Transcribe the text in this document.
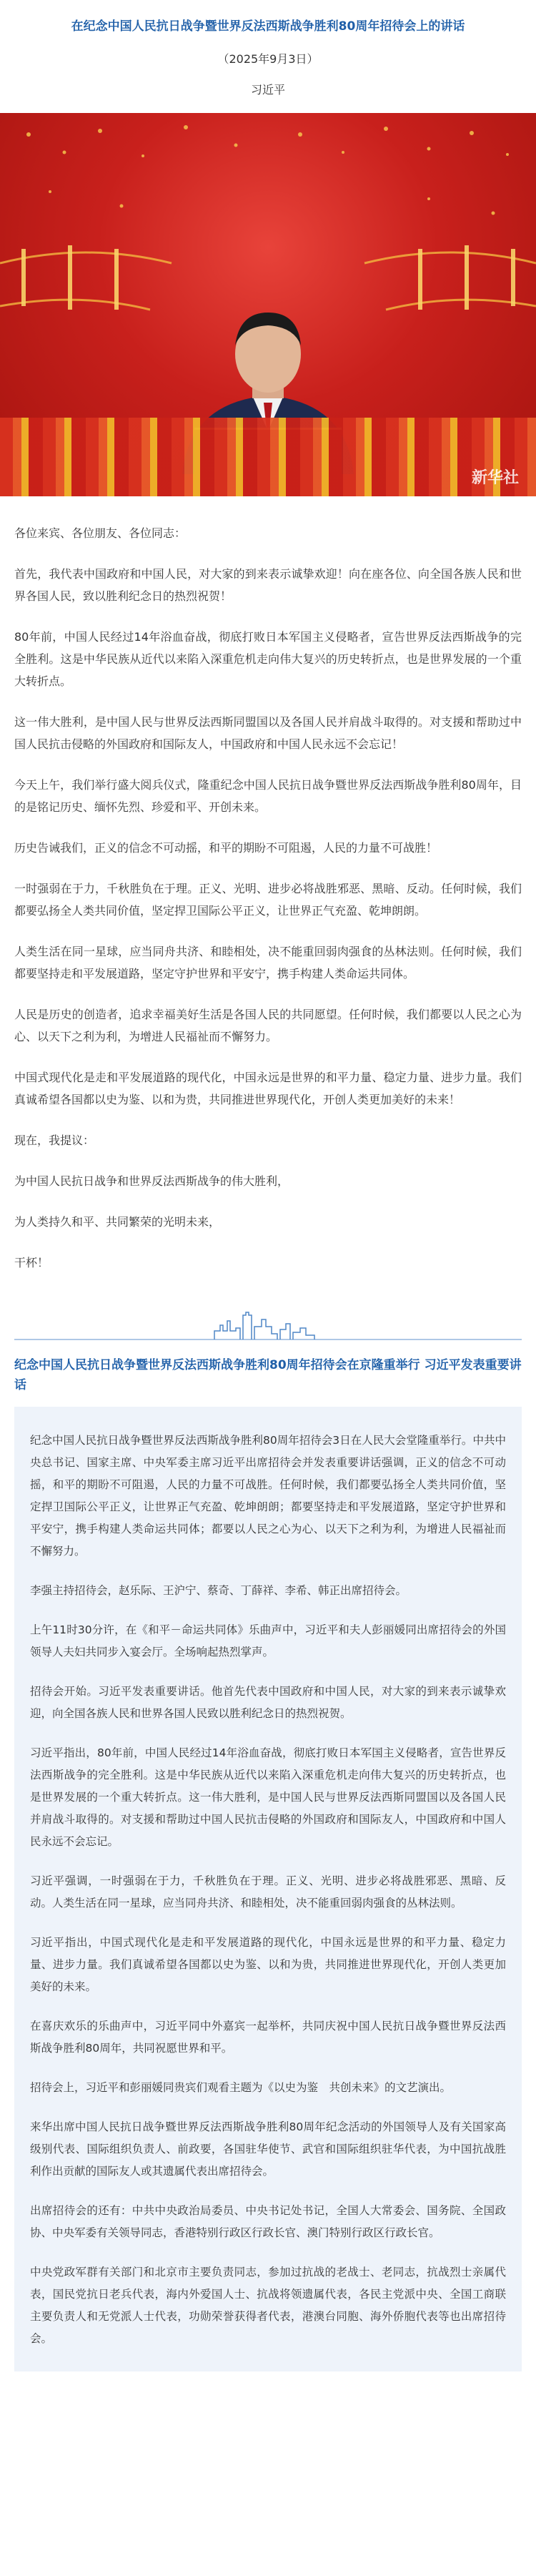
在纪念中国人民抗日战争暨世界反法西斯战争胜利80周年招待会上的讲话
（2025年9月3日）
习近平
新华社

各位来宾、各位朋友、各位同志：

首先，我代表中国政府和中国人民，对大家的到来表示诚挚欢迎！向在座各位、向全国各族人民和世界各国人民，致以胜利纪念日的热烈祝贺！

80年前，中国人民经过14年浴血奋战，彻底打败日本军国主义侵略者，宣告世界反法西斯战争的完全胜利。这是中华民族从近代以来陷入深重危机走向伟大复兴的历史转折点，也是世界发展的一个重大转折点。

这一伟大胜利，是中国人民与世界反法西斯同盟国以及各国人民并肩战斗取得的。对支援和帮助过中国人民抗击侵略的外国政府和国际友人，中国政府和中国人民永远不会忘记！

今天上午，我们举行盛大阅兵仪式，隆重纪念中国人民抗日战争暨世界反法西斯战争胜利80周年，目的是铭记历史、缅怀先烈、珍爱和平、开创未来。

历史告诫我们，正义的信念不可动摇，和平的期盼不可阻遏，人民的力量不可战胜！

一时强弱在于力，千秋胜负在于理。正义、光明、进步必将战胜邪恶、黑暗、反动。任何时候，我们都要弘扬全人类共同价值，坚定捍卫国际公平正义，让世界正气充盈、乾坤朗朗。

人类生活在同一星球，应当同舟共济、和睦相处，决不能重回弱肉强食的丛林法则。任何时候，我们都要坚持走和平发展道路，坚定守护世界和平安宁，携手构建人类命运共同体。

人民是历史的创造者，追求幸福美好生活是各国人民的共同愿望。任何时候，我们都要以人民之心为心、以天下之利为利，为增进人民福祉而不懈努力。

中国式现代化是走和平发展道路的现代化，中国永远是世界的和平力量、稳定力量、进步力量。我们真诚希望各国都以史为鉴、以和为贵，共同推进世界现代化，开创人类更加美好的未来！

现在，我提议：

为中国人民抗日战争和世界反法西斯战争的伟大胜利，

为人类持久和平、共同繁荣的光明未来，

干杯！

纪念中国人民抗日战争暨世界反法西斯战争胜利80周年招待会在京隆重举行 习近平发表重要讲话

纪念中国人民抗日战争暨世界反法西斯战争胜利80周年招待会3日在人民大会堂隆重举行。中共中央总书记、国家主席、中央军委主席习近平出席招待会并发表重要讲话强调，正义的信念不可动摇，和平的期盼不可阻遏，人民的力量不可战胜。任何时候，我们都要弘扬全人类共同价值，坚定捍卫国际公平正义，让世界正气充盈、乾坤朗朗；都要坚持走和平发展道路，坚定守护世界和平安宁，携手构建人类命运共同体；都要以人民之心为心、以天下之利为利，为增进人民福祉而不懈努力。

李强主持招待会，赵乐际、王沪宁、蔡奇、丁薛祥、李希、韩正出席招待会。

上午11时30分许，在《和平－命运共同体》乐曲声中，习近平和夫人彭丽媛同出席招待会的外国领导人夫妇共同步入宴会厅。全场响起热烈掌声。

招待会开始。习近平发表重要讲话。他首先代表中国政府和中国人民，对大家的到来表示诚挚欢迎，向全国各族人民和世界各国人民致以胜利纪念日的热烈祝贺。

习近平指出，80年前，中国人民经过14年浴血奋战，彻底打败日本军国主义侵略者，宣告世界反法西斯战争的完全胜利。这是中华民族从近代以来陷入深重危机走向伟大复兴的历史转折点，也是世界发展的一个重大转折点。这一伟大胜利，是中国人民与世界反法西斯同盟国以及各国人民并肩战斗取得的。对支援和帮助过中国人民抗击侵略的外国政府和国际友人，中国政府和中国人民永远不会忘记。

习近平强调，一时强弱在于力，千秋胜负在于理。正义、光明、进步必将战胜邪恶、黑暗、反动。人类生活在同一星球，应当同舟共济、和睦相处，决不能重回弱肉强食的丛林法则。

习近平指出，中国式现代化是走和平发展道路的现代化，中国永远是世界的和平力量、稳定力量、进步力量。我们真诚希望各国都以史为鉴、以和为贵，共同推进世界现代化，开创人类更加美好的未来。

在喜庆欢乐的乐曲声中，习近平同中外嘉宾一起举杯，共同庆祝中国人民抗日战争暨世界反法西斯战争胜利80周年，共同祝愿世界和平。

招待会上，习近平和彭丽媛同贵宾们观看主题为《以史为鉴　共创未来》的文艺演出。

来华出席中国人民抗日战争暨世界反法西斯战争胜利80周年纪念活动的外国领导人及有关国家高级别代表、国际组织负责人、前政要，各国驻华使节、武官和国际组织驻华代表，为中国抗战胜利作出贡献的国际友人或其遗属代表出席招待会。

出席招待会的还有：中共中央政治局委员、中央书记处书记，全国人大常委会、国务院、全国政协、中央军委有关领导同志，香港特别行政区行政长官、澳门特别行政区行政长官。

中央党政军群有关部门和北京市主要负责同志，参加过抗战的老战士、老同志，抗战烈士亲属代表，国民党抗日老兵代表，海内外爱国人士、抗战将领遗属代表，各民主党派中央、全国工商联主要负责人和无党派人士代表，功勋荣誉获得者代表，港澳台同胞、海外侨胞代表等也出席招待会。
